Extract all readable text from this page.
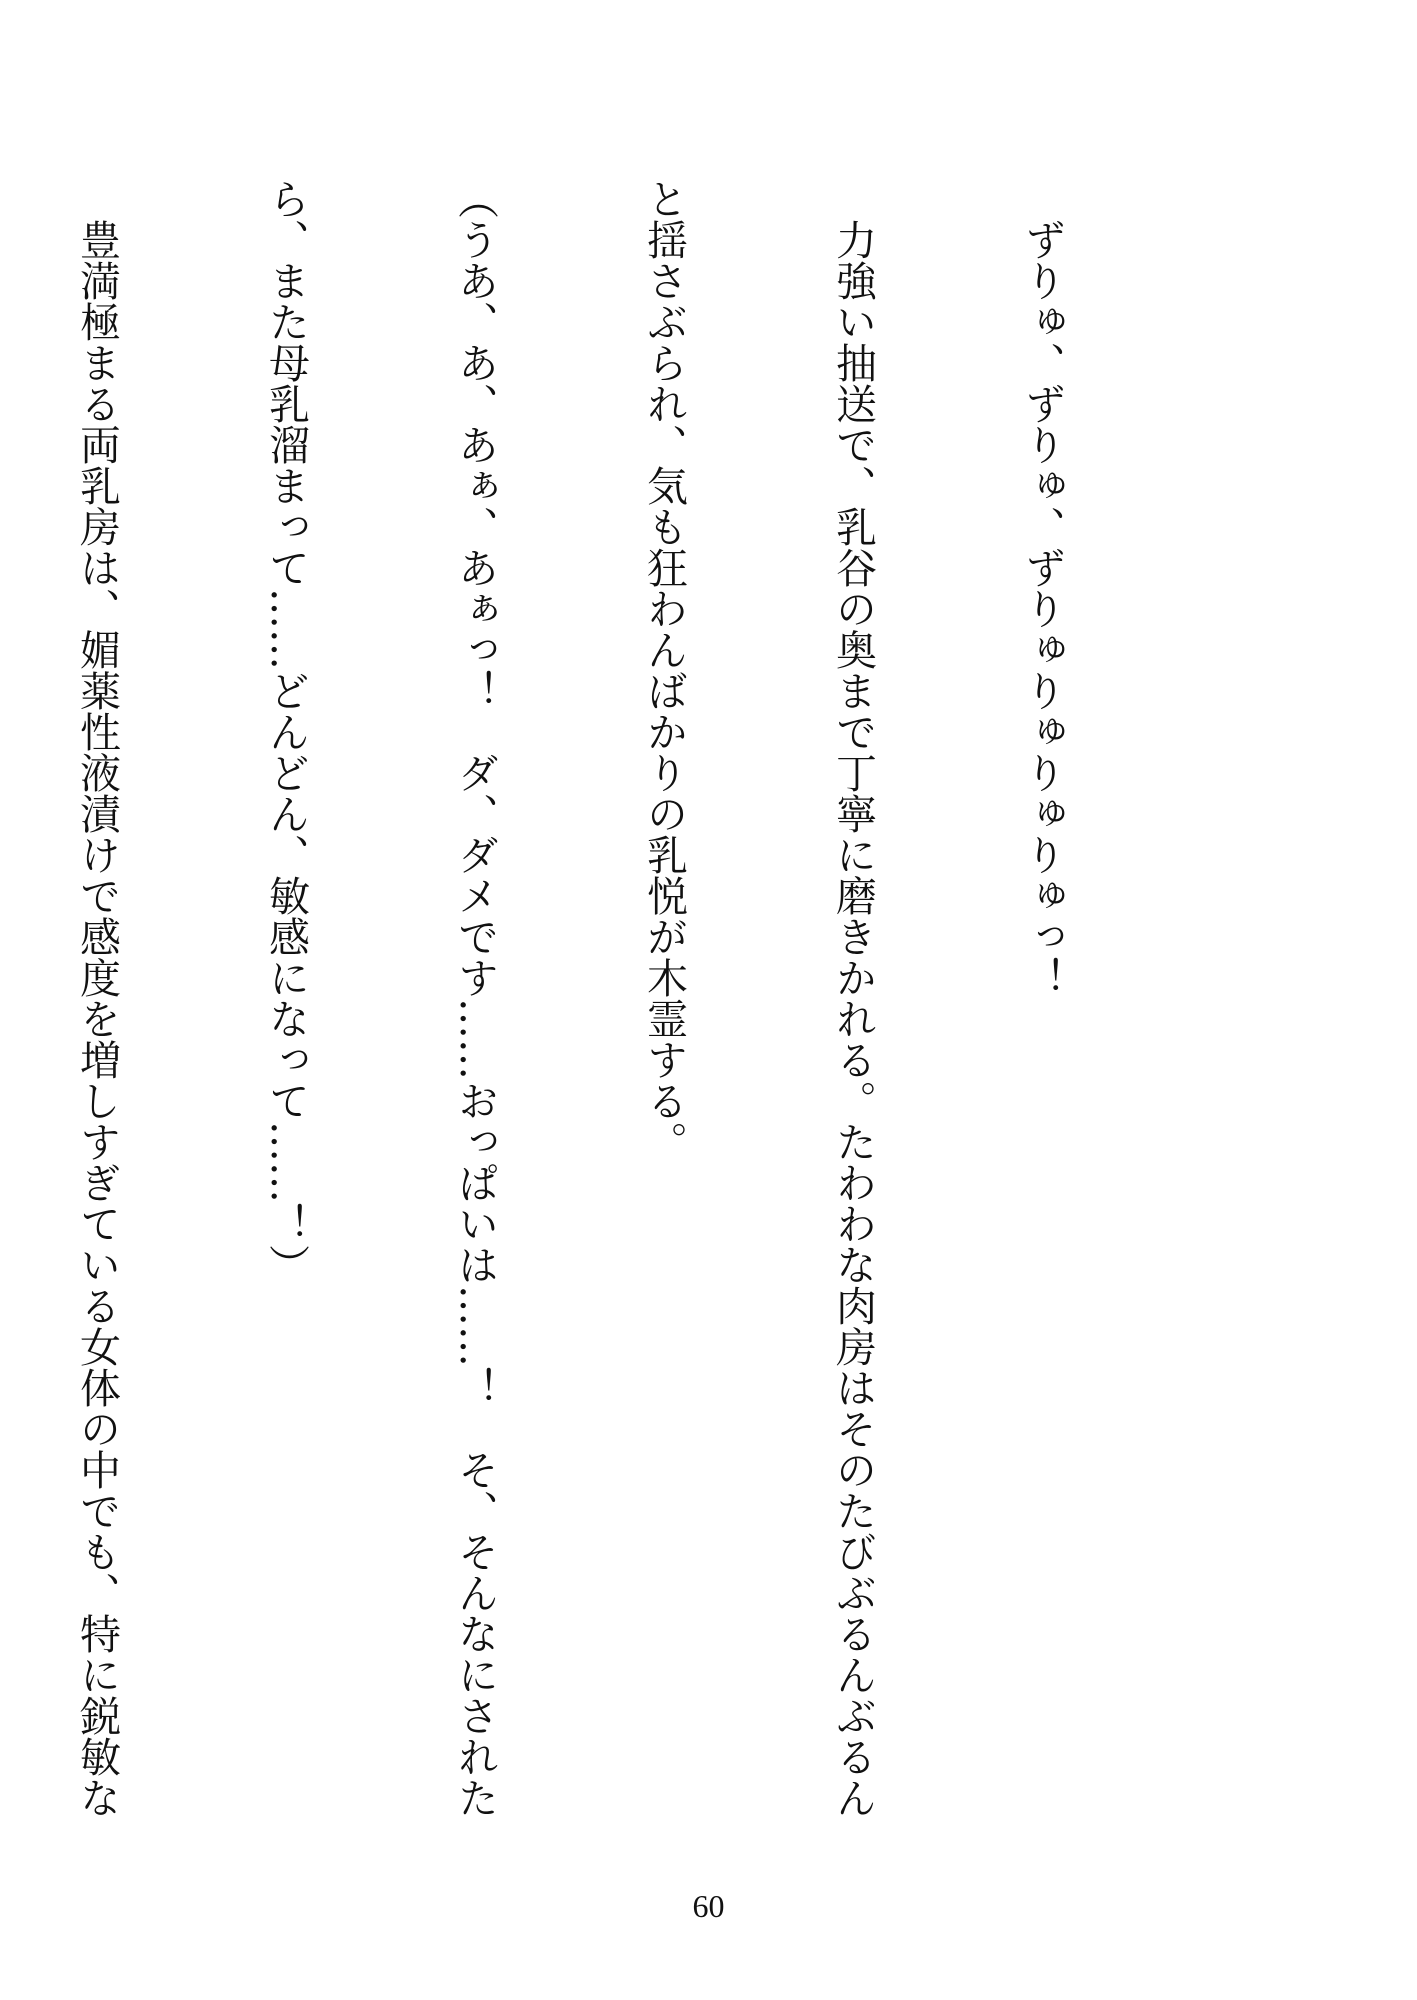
　ずりゅ、ずりゅ、ずりゅりゅりゅりゅっ！

　力強い抽送で、乳谷の奥まで丁寧に磨きかれる。たわわな肉房はそのたびぶるんぶるん

と揺さぶられ、気も狂わんばかりの乳悦が木霊する。

（うあ、あ、あぁ、あぁっ！　ダ、ダメです……おっぱいは……！　そ、そんなにされた

ら、また母乳溜まって……どんどん、敏感になって……！）

　豊満極まる両乳房は、媚薬性液漬けで感度を増しすぎている女体の中でも、特に鋭敏な

60
